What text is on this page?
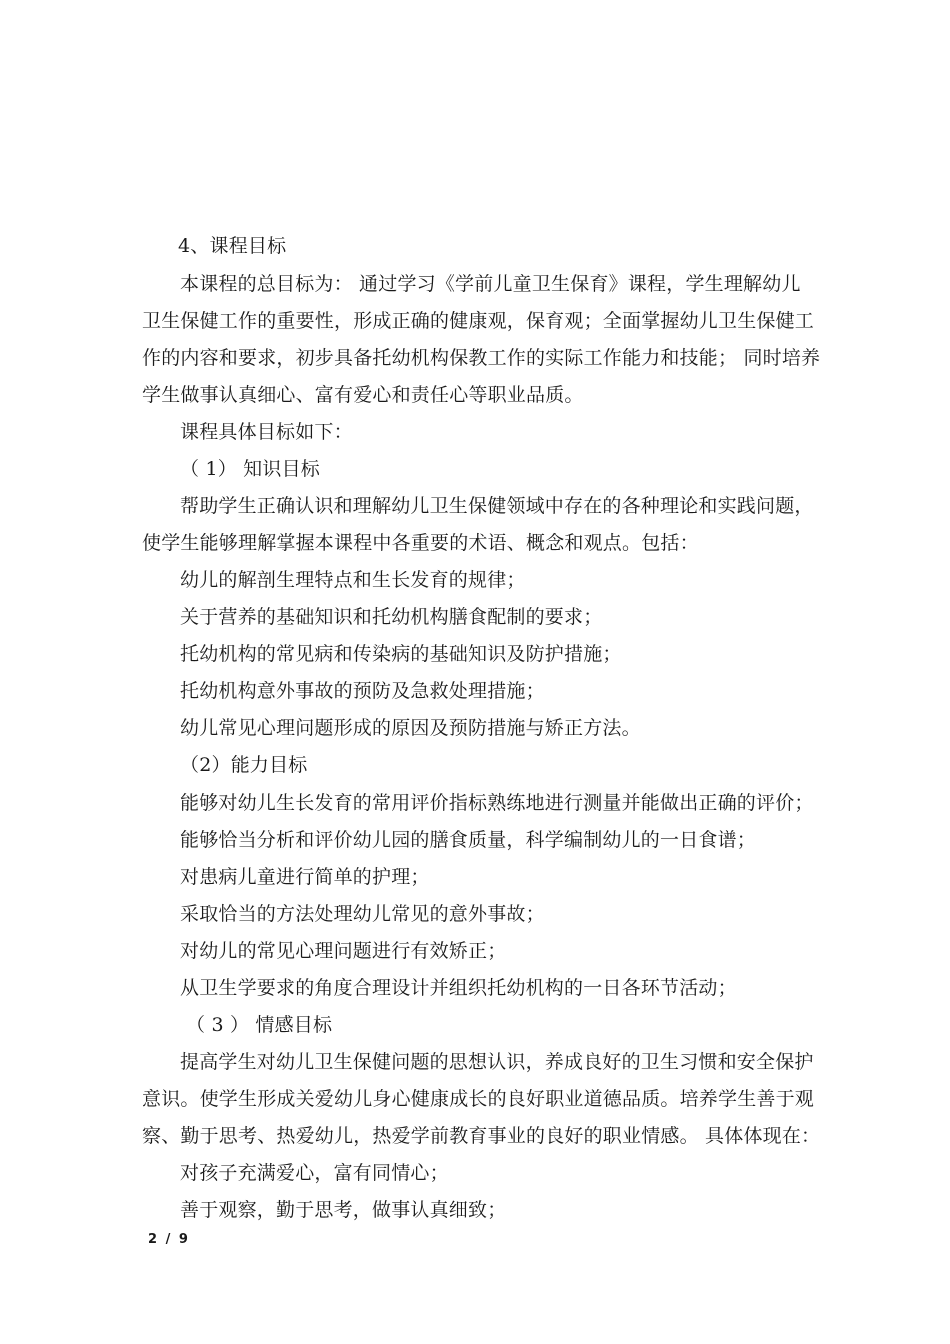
4、课程目标
本课程的总目标为： 通过学习《学前儿童卫生保育》课程，学生理解幼儿
卫生保健工作的重要性，形成正确的健康观，保育观；全面掌握幼儿卫生保健工
作的内容和要求，初步具备托幼机构保教工作的实际工作能力和技能； 同时培养
学生做事认真细心、富有爱心和责任心等职业品质。
课程具体目标如下：
（ 1） 知识目标
帮助学生正确认识和理解幼儿卫生保健领域中存在的各种理论和实践问题，
使学生能够理解掌握本课程中各重要的术语、概念和观点。包括：
幼儿的解剖生理特点和生长发育的规律；
关于营养的基础知识和托幼机构膳食配制的要求；
托幼机构的常见病和传染病的基础知识及防护措施；
托幼机构意外事故的预防及急救处理措施；
幼儿常见心理问题形成的原因及预防措施与矫正方法。
（2）能力目标
能够对幼儿生长发育的常用评价指标熟练地进行测量并能做出正确的评价；
能够恰当分析和评价幼儿园的膳食质量，科学编制幼儿的一日食谱；
对患病儿童进行简单的护理；
采取恰当的方法处理幼儿常见的意外事故；
对幼儿的常见心理问题进行有效矫正；
从卫生学要求的角度合理设计并组织托幼机构的一日各环节活动；
（ 3 ） 情感目标
提高学生对幼儿卫生保健问题的思想认识，养成良好的卫生习惯和安全保护
意识。使学生形成关爱幼儿身心健康成长的良好职业道德品质。培养学生善于观
察、勤于思考、热爱幼儿，热爱学前教育事业的良好的职业情感。 具体体现在：
对孩子充满爱心，富有同情心；
善于观察，勤于思考，做事认真细致；
2 / 9
